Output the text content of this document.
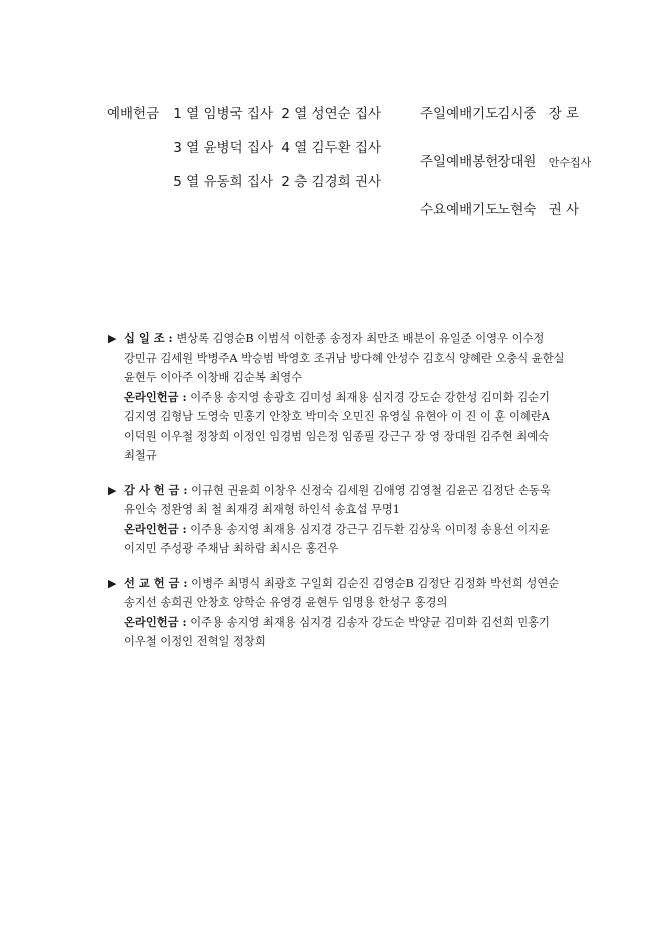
예배헌금 1 열 임병국 집사 2 열 성연순 집사
3 열 윤병덕 집사 4 열 김두환 집사
5 열 유동희 집사 2 층 김경희 권사
주일예배기도 김시중 장 로
주일예배봉헌 장대원 안수집사
수요예배기도 노현숙 권 사
▶ 십 일 조 : 변상록 김영순B 이범석 이한종 송정자 최만조 배분이 유일준 이영우 이수정
강민규 김세원 박병주A 박승범 박영호 조귀남 방다혜 안성수 김호식 양혜란 오충식 윤한실
윤현두 이아주 이창배 김순복 최영수
온라인헌금 : 이주용 송지영 송광호 김미성 최재용 심지경 강도순 강한성 김미화 김순기
김지영 김형남 도영숙 민홍기 안창호 박미숙 오민진 유영실 유현아 이 진 이 훈 이혜란A
이덕원 이우철 정창희 이정인 임경범 임은정 임종필 강근구 장 영 장대원 김주현 최예숙
최철규
▶ 감 사 헌 금 : 이규현 권윤희 이창우 신정숙 김세원 김애영 김영철 김윤곤 김정단 손동욱
유인숙 정완영 최 철 최재경 최재형 하인석 송효섭 무명1
온라인헌금 : 이주용 송지영 최재용 심지경 강근구 김두환 김상욱 이미정 송용선 이지윤
이지민 주성광 주채남 최하람 최시은 홍건우
▶ 선 교 헌 금 : 이병주 최명식 최광호 구일회 김순진 김영순B 김정단 김정화 박선희 성연순
송지선 송희권 안창호 양학순 유영경 윤현두 임명용 한성구 홍경의
온라인헌금 : 이주용 송지영 최재용 심지경 김송자 강도순 박양균 김미화 김선희 민홍기
이우철 이정인 전혁일 정창희
